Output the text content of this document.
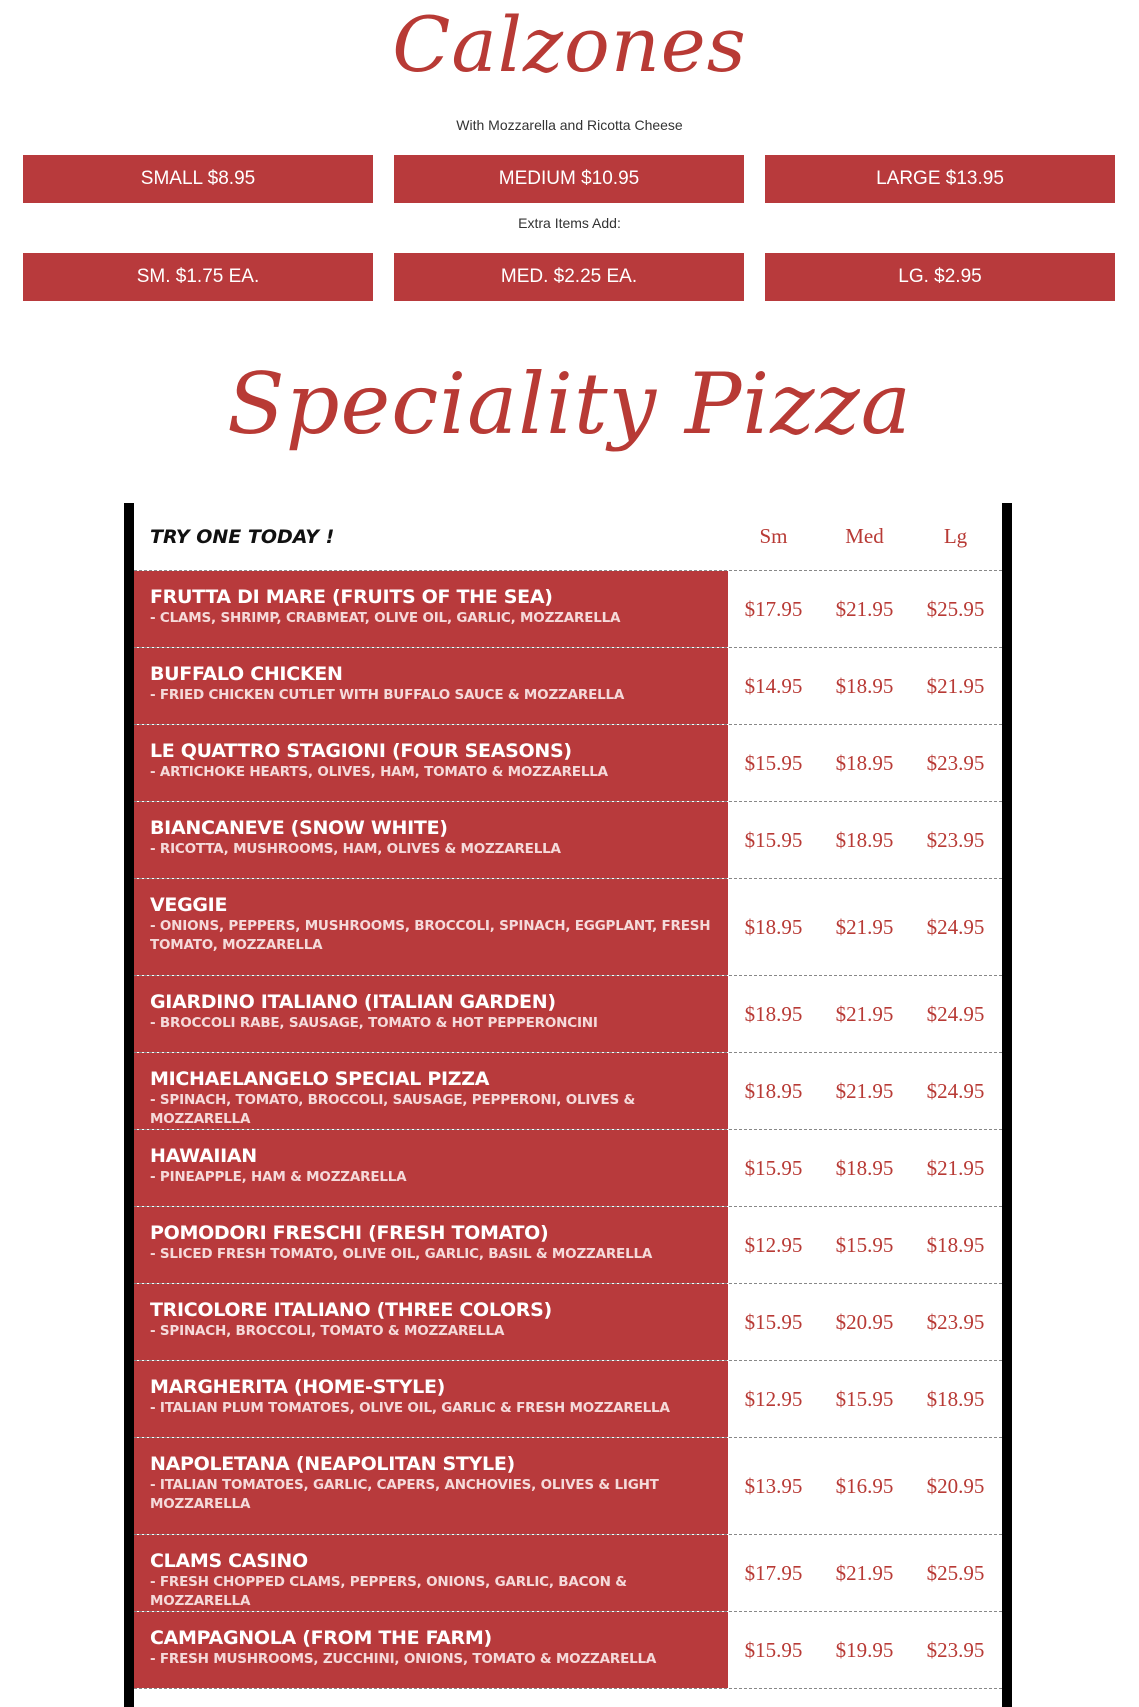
Calzones
With Mozzarella and Ricotta Cheese
SMALL $8.95	MEDIUM $10.95	LARGE $13.95
Extra Items Add:
SM. $1.75 EA.	MED. $2.25 EA.	LG. $2.95
Speciality Pizza
TRY ONE TODAY !	Sm	Med	Lg
FRUTTA DI MARE (FRUITS OF THE SEA)
- CLAMS, SHRIMP, CRABMEAT, OLIVE OIL, GARLIC, MOZZARELLA	$17.95	$21.95	$25.95
BUFFALO CHICKEN
- FRIED CHICKEN CUTLET WITH BUFFALO SAUCE & MOZZARELLA	$14.95	$18.95	$21.95
LE QUATTRO STAGIONI (FOUR SEASONS)
- ARTICHOKE HEARTS, OLIVES, HAM, TOMATO & MOZZARELLA	$15.95	$18.95	$23.95
BIANCANEVE (SNOW WHITE)
- RICOTTA, MUSHROOMS, HAM, OLIVES & MOZZARELLA	$15.95	$18.95	$23.95
VEGGIE
- ONIONS, PEPPERS, MUSHROOMS, BROCCOLI, SPINACH, EGGPLANT, FRESH TOMATO, MOZZARELLA
$18.95	$21.95	$24.95
GIARDINO ITALIANO (ITALIAN GARDEN)
- BROCCOLI RABE, SAUSAGE, TOMATO & HOT PEPPERONCINI	$18.95	$21.95	$24.95
MICHAELANGELO SPECIAL PIZZA
- SPINACH, TOMATO, BROCCOLI, SAUSAGE, PEPPERONI, OLIVES & MOZZARELLA
$18.95	$21.95	$24.95
HAWAIIAN
- PINEAPPLE, HAM & MOZZARELLA	$15.95	$18.95	$21.95
POMODORI FRESCHI (FRESH TOMATO)
- SLICED FRESH TOMATO, OLIVE OIL, GARLIC, BASIL & MOZZARELLA	$12.95	$15.95	$18.95
TRICOLORE ITALIANO (THREE COLORS)
- SPINACH, BROCCOLI, TOMATO & MOZZARELLA	$15.95	$20.95	$23.95
MARGHERITA (HOME-STYLE)
- ITALIAN PLUM TOMATOES, OLIVE OIL, GARLIC & FRESH MOZZARELLA	$12.95	$15.95	$18.95
NAPOLETANA (NEAPOLITAN STYLE)
- ITALIAN TOMATOES, GARLIC, CAPERS, ANCHOVIES, OLIVES & LIGHT MOZZARELLA
$13.95	$16.95	$20.95
CLAMS CASINO
- FRESH CHOPPED CLAMS, PEPPERS, ONIONS, GARLIC, BACON & MOZZARELLA
$17.95	$21.95	$25.95
CAMPAGNOLA (FROM THE FARM)
- FRESH MUSHROOMS, ZUCCHINI, ONIONS, TOMATO & MOZZARELLA	$15.95	$19.95	$23.95
